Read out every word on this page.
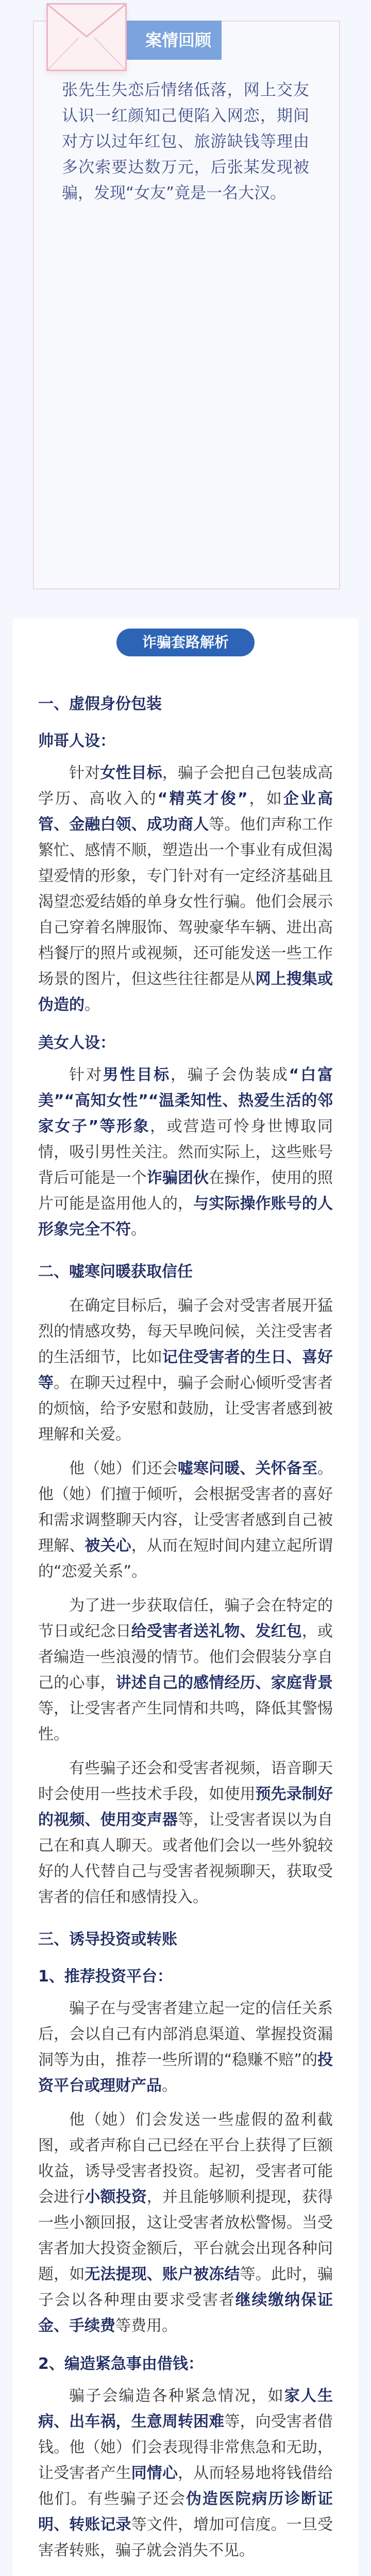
案情回顾
张先生失恋后情绪低落，网上交友认识一红颜知己便陷入网恋，期间对方以过年红包、旅游缺钱等理由多次索要达数万元，后张某发现被骗，发现“女友”竟是一名大汉。
诈骗套路解析
一、虚假身份包装
帅哥人设：

针对女性目标，骗子会把自己包装成高学历、高收入的“精英才俊”，如企业高管、金融白领、成功商人等。他们声称工作繁忙、感情不顺，塑造出一个事业有成但渴望爱情的形象，专门针对有一定经济基础且渴望恋爱结婚的单身女性行骗。他们会展示自己穿着名牌服饰、驾驶豪华车辆、进出高档餐厅的照片或视频，还可能发送一些工作场景的图片，但这些往往都是从网上搜集或伪造的。

美女人设：

针对男性目标，骗子会伪装成“白富美”“高知女性”“温柔知性、热爱生活的邻家女子”等形象，或营造可怜身世博取同情，吸引男性关注。然而实际上，这些账号背后可能是一个诈骗团伙在操作，使用的照片可能是盗用他人的，与实际操作账号的人形象完全不符。

二、嘘寒问暖获取信任

在确定目标后，骗子会对受害者展开猛烈的情感攻势，每天早晚问候，关注受害者的生活细节，比如记住受害者的生日、喜好等。在聊天过程中，骗子会耐心倾听受害者的烦恼，给予安慰和鼓励，让受害者感到被理解和关爱。

他（她）们还会嘘寒问暖、关怀备至。他（她）们擅于倾听，会根据受害者的喜好和需求调整聊天内容，让受害者感到自己被理解、被关心，从而在短时间内建立起所谓的“恋爱关系”。

为了进一步获取信任，骗子会在特定的节日或纪念日给受害者送礼物、发红包，或者编造一些浪漫的情节。他们会假装分享自己的心事，讲述自己的感情经历、家庭背景等，让受害者产生同情和共鸣，降低其警惕性。

有些骗子还会和受害者视频，语音聊天时会使用一些技术手段，如使用预先录制好的视频、使用变声器等，让受害者误以为自己在和真人聊天。或者他们会以一些外貌较好的人代替自己与受害者视频聊天，获取受害者的信任和感情投入。

三、诱导投资或转账
1、推荐投资平台：

骗子在与受害者建立起一定的信任关系后，会以自己有内部消息渠道、掌握投资漏洞等为由，推荐一些所谓的“稳赚不赔”的投资平台或理财产品。

他（她）们会发送一些虚假的盈利截图，或者声称自己已经在平台上获得了巨额收益，诱导受害者投资。起初，受害者可能会进行小额投资，并且能够顺利提现，获得一些小额回报，这让受害者放松警惕。当受害者加大投资金额后，平台就会出现各种问题，如无法提现、账户被冻结等。此时，骗子会以各种理由要求受害者继续缴纳保证金、手续费等费用。

2、编造紧急事由借钱：

骗子会编造各种紧急情况，如家人生病、出车祸，生意周转困难等，向受害者借钱。他（她）们会表现得非常焦急和无助，让受害者产生同情心，从而轻易地将钱借给他们。有些骗子还会伪造医院病历诊断证明、转账记录等文件，增加可信度。一旦受害者转账，骗子就会消失不见。
